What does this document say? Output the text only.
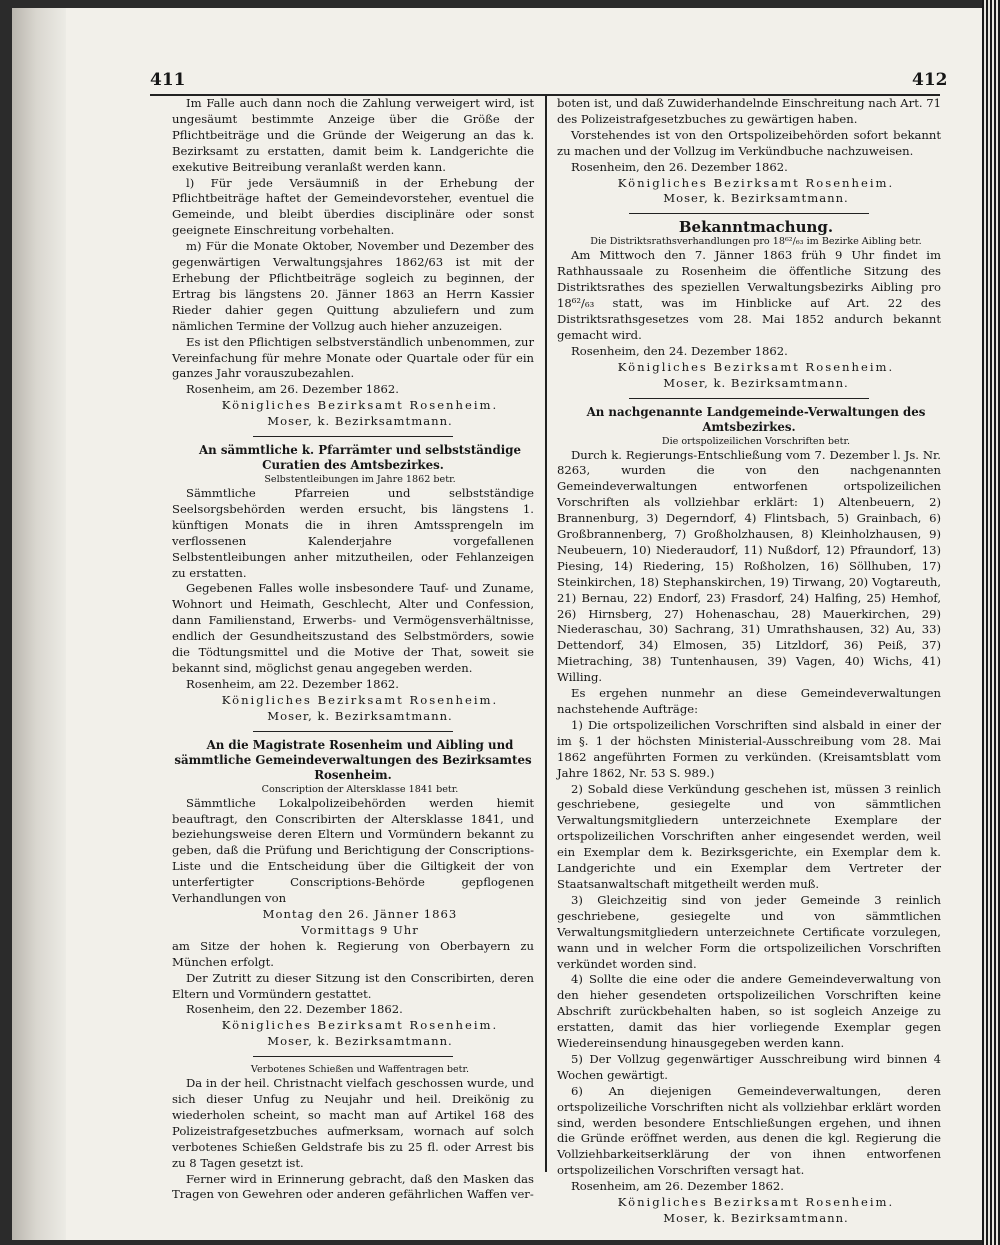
411	412

Im Falle auch dann noch die Zahlung verweigert wird, ist ungesäumt bestimmte Anzeige über die Größe der Pflichtbeiträge und die Gründe der Weigerung an das k. Bezirksamt zu erstatten, damit beim k. Landgerichte die exekutive Beitreibung veranlaßt werden kann.

l) Für jede Versäumniß in der Erhebung der Pflichtbeiträge haftet der Gemeindevorsteher, eventuel die Gemeinde, und bleibt überdies disciplinäre oder sonst geeignete Einschreitung vorbehalten.

m) Für die Monate Oktober, November und Dezember des gegenwärtigen Verwaltungsjahres 1862/63 ist mit der Erhebung der Pflichtbeiträge sogleich zu beginnen, der Ertrag bis längstens 20. Jänner 1863 an Herrn Kassier Rieder dahier gegen Quittung abzuliefern und zum nämlichen Termine der Vollzug auch hieher anzuzeigen.

Es ist den Pflichtigen selbstverständlich unbenommen, zur Vereinfachung für mehre Monate oder Quartale oder für ein ganzes Jahr vorauszubezahlen.

Rosenheim, am 26. Dezember 1862.

Königliches Bezirksamt Rosenheim.

Moser, k. Bezirksamtmann.

An sämmtliche k. Pfarrämter und selbstständige Curatien des Amtsbezirkes.

Selbstentleibungen im Jahre 1862 betr.

Sämmtliche Pfarreien und selbstständige Seelsorgsbehörden werden ersucht, bis längstens 1. künftigen Monats die in ihren Amtssprengeln im verflossenen Kalenderjahre vorgefallenen Selbstentleibungen anher mitzutheilen, oder Fehlanzeigen zu erstatten.

Gegebenen Falles wolle insbesondere Tauf- und Zuname, Wohnort und Heimath, Geschlecht, Alter und Confession, dann Familienstand, Erwerbs- und Vermögensverhältnisse, endlich der Gesundheitszustand des Selbstmörders, sowie die Tödtungsmittel und die Motive der That, soweit sie bekannt sind, möglichst genau angegeben werden.

Rosenheim, am 22. Dezember 1862.

Königliches Bezirksamt Rosenheim.

Moser, k. Bezirksamtmann.

An die Magistrate Rosenheim und Aibling und sämmtliche Gemeindeverwaltungen des Bezirksamtes Rosenheim.

Conscription der Altersklasse 1841 betr.

Sämmtliche Lokalpolizeibehörden werden hiemit beauftragt, den Conscribirten der Altersklasse 1841, und beziehungsweise deren Eltern und Vormündern bekannt zu geben, daß die Prüfung und Berichtigung der Conscriptions-Liste und die Entscheidung über die Giltigkeit der von unterfertigter Conscriptions-Behörde gepflogenen Verhandlungen von

Montag den 26. Jänner 1863

Vormittags 9 Uhr

am Sitze der hohen k. Regierung von Oberbayern zu München erfolgt.

Der Zutritt zu dieser Sitzung ist den Conscribirten, deren Eltern und Vormündern gestattet.

Rosenheim, den 22. Dezember 1862.

Königliches Bezirksamt Rosenheim.

Moser, k. Bezirksamtmann.

Verbotenes Schießen und Waffentragen betr.

Da in der heil. Christnacht vielfach geschossen wurde, und sich dieser Unfug zu Neujahr und heil. Dreikönig zu wiederholen scheint, so macht man auf Artikel 168 des Polizeistrafgesetzbuches aufmerksam, wornach auf solch verbotenes Schießen Geldstrafe bis zu 25 fl. oder Arrest bis zu 8 Tagen gesetzt ist.

Ferner wird in Erinnerung gebracht, daß den Masken das Tragen von Gewehren oder anderen gefährlichen Waffen ver-

boten ist, und daß Zuwiderhandelnde Einschreitung nach Art. 71 des Polizeistrafgesetzbuches zu gewärtigen haben.

Vorstehendes ist von den Ortspolizeibehörden sofort bekannt zu machen und der Vollzug im Verkündbuche nachzuweisen.

Rosenheim, den 26. Dezember 1862.

Königliches Bezirksamt Rosenheim.

Moser, k. Bezirksamtmann.

Bekanntmachung.

Die Distriktsrathsverhandlungen pro 18⁶²/₆₃ im Bezirke Aibling betr.

Am Mittwoch den 7. Jänner 1863 früh 9 Uhr findet im Rathhaussaale zu Rosenheim die öffentliche Sitzung des Distriktsrathes des speziellen Verwaltungsbezirks Aibling pro 18⁶²/₆₃ statt, was im Hinblicke auf Art. 22 des Distriktsrathsgesetzes vom 28. Mai 1852 andurch bekannt gemacht wird.

Rosenheim, den 24. Dezember 1862.

Königliches Bezirksamt Rosenheim.

Moser, k. Bezirksamtmann.

An nachgenannte Landgemeinde-Verwaltungen des Amtsbezirkes.

Die ortspolizeilichen Vorschriften betr.

Durch k. Regierungs-Entschließung vom 7. Dezember l. Js. Nr. 8263, wurden die von den nachgenannten Gemeindeverwaltungen entworfenen ortspolizeilichen Vorschriften als vollziehbar erklärt: 1) Altenbeuern, 2) Brannenburg, 3) Degerndorf, 4) Flintsbach, 5) Grainbach, 6) Großbrannenberg, 7) Großholzhausen, 8) Kleinholzhausen, 9) Neubeuern, 10) Niederaudorf, 11) Nußdorf, 12) Pfraundorf, 13) Piesing, 14) Riedering, 15) Roßholzen, 16) Söllhuben, 17) Steinkirchen, 18) Stephanskirchen, 19) Tirwang, 20) Vogtareuth, 21) Bernau, 22) Endorf, 23) Frasdorf, 24) Halfing, 25) Hemhof, 26) Hirnsberg, 27) Hohenaschau, 28) Mauerkirchen, 29) Niederaschau, 30) Sachrang, 31) Umrathshausen, 32) Au, 33) Dettendorf, 34) Elmosen, 35) Litzldorf, 36) Peiß, 37) Mietraching, 38) Tuntenhausen, 39) Vagen, 40) Wichs, 41) Willing.

Es ergehen nunmehr an diese Gemeindeverwaltungen nachstehende Aufträge:

1) Die ortspolizeilichen Vorschriften sind alsbald in einer der im §. 1 der höchsten Ministerial-Ausschreibung vom 28. Mai 1862 angeführten Formen zu verkünden. (Kreisamtsblatt vom Jahre 1862, Nr. 53 S. 989.)

2) Sobald diese Verkündung geschehen ist, müssen 3 reinlich geschriebene, gesiegelte und von sämmtlichen Verwaltungsmitgliedern unterzeichnete Exemplare der ortspolizeilichen Vorschriften anher eingesendet werden, weil ein Exemplar dem k. Bezirksgerichte, ein Exemplar dem k. Landgerichte und ein Exemplar dem Vertreter der Staatsanwaltschaft mitgetheilt werden muß.

3) Gleichzeitig sind von jeder Gemeinde 3 reinlich geschriebene, gesiegelte und von sämmtlichen Verwaltungsmitgliedern unterzeichnete Certificate vorzulegen, wann und in welcher Form die ortspolizeilichen Vorschriften verkündet worden sind.

4) Sollte die eine oder die andere Gemeindeverwaltung von den hieher gesendeten ortspolizeilichen Vorschriften keine Abschrift zurückbehalten haben, so ist sogleich Anzeige zu erstatten, damit das hier vorliegende Exemplar gegen Wiedereinsendung hinausgegeben werden kann.

5) Der Vollzug gegenwärtiger Ausschreibung wird binnen 4 Wochen gewärtigt.

6) An diejenigen Gemeindeverwaltungen, deren ortspolizeiliche Vorschriften nicht als vollziehbar erklärt worden sind, werden besondere Entschließungen ergehen, und ihnen die Gründe eröffnet werden, aus denen die kgl. Regierung die Vollziehbarkeitserklärung der von ihnen entworfenen ortspolizeilichen Vorschriften versagt hat.

Rosenheim, am 26. Dezember 1862.

Königliches Bezirksamt Rosenheim.

Moser, k. Bezirksamtmann.
